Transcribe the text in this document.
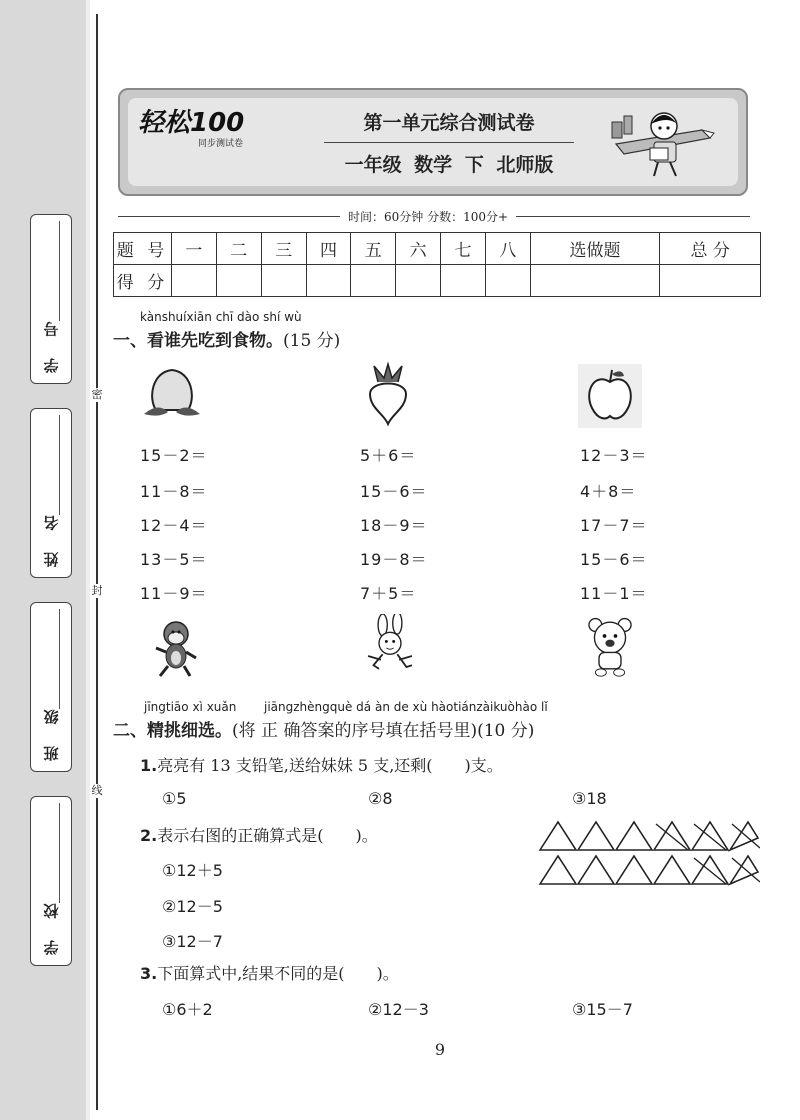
密
封
线
学 号
姓 名
班 级
学 校
轻松100
同步测试卷
第一单元综合测试卷
一年级 数学 下 北师版
时间：60分钟 分数：100分+
题 号	一	二	三	四	五	六	七	八	选做题	总 分
得 分										
kànshuíxiān chī dào shí wù
一、看谁先吃到食物。(15 分)
15－2＝
11－8＝
12－4＝
13－5＝
11－9＝
5＋6＝
15－6＝
18－9＝
19－8＝
7＋5＝
12－3＝
4＋8＝
17－7＝
15－6＝
11－1＝
jīngtiāo xì xuǎn jiāngzhèngquè dá àn de xù hàotiánzàikuòhào lǐ
二、精挑细选。(将 正 确答案的序号填在括号里)(10 分)
1.亮亮有 13 支铅笔,送给妹妹 5 支,还剩(　　)支。
①5	②8	③18
2.表示右图的正确算式是(　　)。
①12＋5
②12－5
③12－7
3.下面算式中,结果不同的是(　　)。
①6＋2	②12－3	③15－7
9
